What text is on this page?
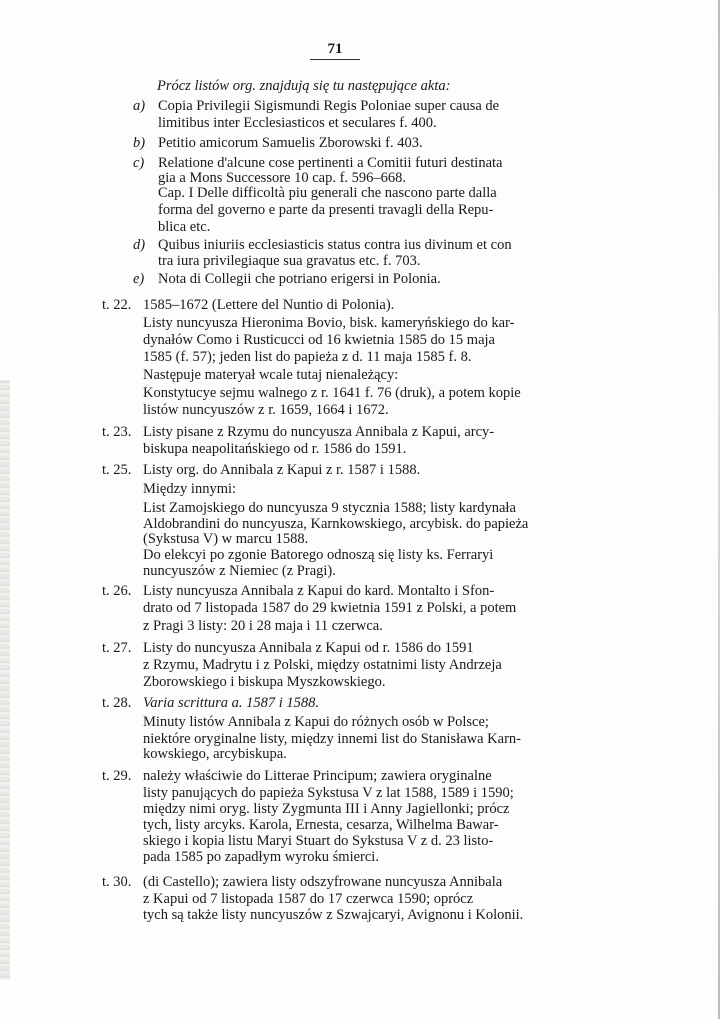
71
Prócz listów org. znajdują się tu następujące akta:
a) Copia Privilegii Sigismundi Regis Poloniae super causa de
limitibus inter Ecclesiasticos et seculares f. 400.
b) Petitio amicorum Samuelis Zborowski f. 403.
c) Relatione d'alcune cose pertinenti a Comitii futuri destinata
gia a Mons Successore 10 cap. f. 596–668.
Cap. I Delle difficoltà piu generali che nascono parte dalla
forma del governo e parte da presenti travagli della Repu-
blica etc.
d) Quibus iniuriis ecclesiasticis status contra ius divinum et con
tra iura privilegiaque sua gravatus etc. f. 703.
e) Nota di Collegii che potriano erigersi in Polonia.
t. 22. 1585–1672 (Lettere del Nuntio di Polonia).
Listy nuncyusza Hieronima Bovio, bisk. kameryńskiego do kar-
dynałów Como i Rusticucci od 16 kwietnia 1585 do 15 maja
1585 (f. 57); jeden list do papieża z d. 11 maja 1585 f. 8.
Następuje materyał wcale tutaj nienależący:
Konstytucye sejmu walnego z r. 1641 f. 76 (druk), a potem kopie
listów nuncyuszów z r. 1659, 1664 i 1672.
t. 23. Listy pisane z Rzymu do nuncyusza Annibala z Kapui, arcy-
biskupa neapolitańskiego od r. 1586 do 1591.
t. 25. Listy org. do Annibala z Kapui z r. 1587 i 1588.
Między innymi:
List Zamojskiego do nuncyusza 9 stycznia 1588; listy kardynała
Aldobrandini do nuncyusza, Karnkowskiego, arcybisk. do papieża
(Sykstusa V) w marcu 1588.
Do elekcyi po zgonie Batorego odnoszą się listy ks. Ferraryi
nuncyuszów z Niemiec (z Pragi).
t. 26. Listy nuncyusza Annibala z Kapui do kard. Montalto i Sfon-
drato od 7 listopada 1587 do 29 kwietnia 1591 z Polski, a potem
z Pragi 3 listy: 20 i 28 maja i 11 czerwca.
t. 27. Listy do nuncyusza Annibala z Kapui od r. 1586 do 1591
z Rzymu, Madrytu i z Polski, między ostatnimi listy Andrzeja
Zborowskiego i biskupa Myszkowskiego.
t. 28. Varia scrittura a. 1587 i 1588.
Minuty listów Annibala z Kapui do różnych osób w Polsce;
niektóre oryginalne listy, między innemi list do Stanisława Karn-
kowskiego, arcybiskupa.
t. 29. należy właściwie do Litterae Principum; zawiera oryginalne
listy panujących do papieża Sykstusa V z lat 1588, 1589 i 1590;
między nimi oryg. listy Zygmunta III i Anny Jagiellonki; prócz
tych, listy arcyks. Karola, Ernesta, cesarza, Wilhelma Bawar-
skiego i kopia listu Maryi Stuart do Sykstusa V z d. 23 listo-
pada 1585 po zapadłym wyroku śmierci.
t. 30. (di Castello); zawiera listy odszyfrowane nuncyusza Annibala
z Kapui od 7 listopada 1587 do 17 czerwca 1590; oprócz
tych są także listy nuncyuszów z Szwajcaryi, Avignonu i Kolonii.
